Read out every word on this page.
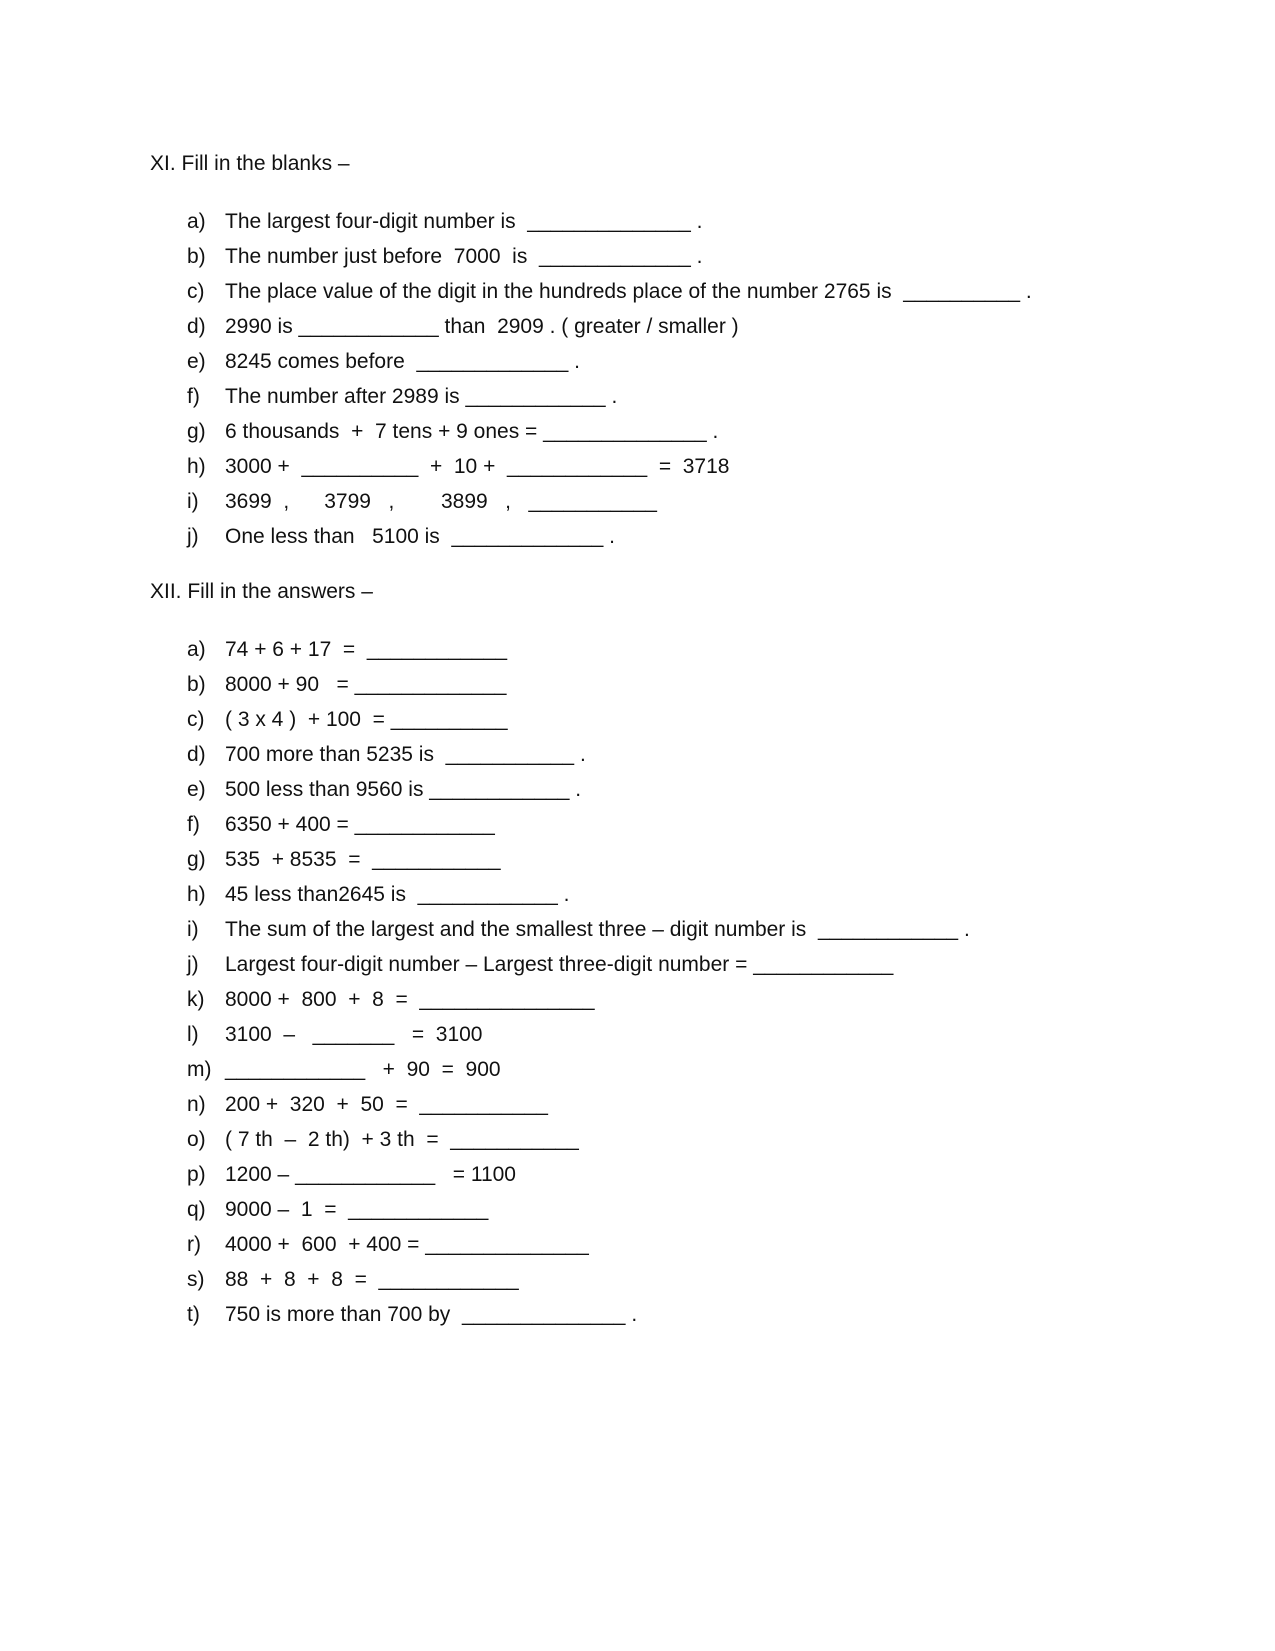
XI. Fill in the blanks –
a) The largest four-digit number is  ______________ .
b) The number just before  7000  is  _____________ .
c) The place value of the digit in the hundreds place of the number 2765 is  __________ .
d) 2990 is ____________ than  2909 . ( greater / smaller )
e) 8245 comes before  _____________ .
f)	The number after 2989 is ____________ .
g) 6 thousands  +  7 tens + 9 ones = ______________ .
h) 3000 +  __________  +  10 +  ____________  =  3718
i)	3699  ,      3799   ,        3899   ,   ___________
j)	One less than   5100 is  _____________ .
XII. Fill in the answers –
a) 74 + 6 + 17  =  ____________
b) 8000 + 90   = _____________
c) ( 3 x 4 )  + 100  = __________
d) 700 more than 5235 is  ___________ .
e) 500 less than 9560 is ____________ .
f)	6350 + 400 = ____________
g) 535  + 8535  =  ___________
h) 45 less than2645 is  ____________ .
i)	The sum of the largest and the smallest three – digit number is  ____________ .
j)	Largest four-digit number – Largest three-digit number = ____________
k) 8000 +  800  +  8  =  _______________
l)	3100  –   _______   =  3100
m) ____________   +  90  =  900
n) 200 +  320  +  50  =  ___________
o) ( 7 th  –  2 th)  + 3 th  =  ___________
p) 1200 – ____________   = 1100
q) 9000 –  1  =  ____________
r)	4000 +  600  + 400 = ______________
s) 88  +  8  +  8  =  ____________
t)	750 is more than 700 by  ______________ .
